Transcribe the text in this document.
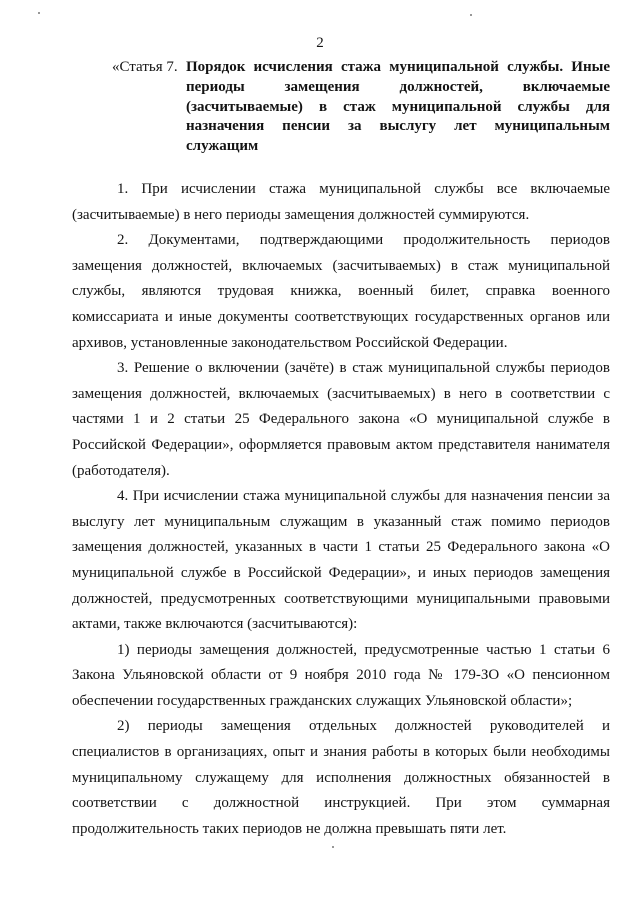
2
«Статья 7. Порядок исчисления стажа муниципальной службы. Иные периоды замещения должностей, включаемые (засчитываемые) в стаж муниципальной службы для назначения пенсии за выслугу лет муниципальным служащим

1. При исчислении стажа муниципальной службы все включаемые (засчитываемые) в него периоды замещения должностей суммируются.

2. Документами, подтверждающими продолжительность периодов замещения должностей, включаемых (засчитываемых) в стаж муниципальной службы, являются трудовая книжка, военный билет, справка военного комиссариата и иные документы соответствующих государственных органов или архивов, установленные законодательством Российской Федерации.

3. Решение о включении (зачёте) в стаж муниципальной службы периодов замещения должностей, включаемых (засчитываемых) в него в соответствии с частями 1 и 2 статьи 25 Федерального закона «О муниципальной службе в Российской Федерации», оформляется правовым актом представителя нанимателя (работодателя).

4. При исчислении стажа муниципальной службы для назначения пенсии за выслугу лет муниципальным служащим в указанный стаж помимо периодов замещения должностей, указанных в части 1 статьи 25 Федерального закона «О муниципальной службе в Российской Федерации», и иных периодов замещения должностей, предусмотренных соответствующими муниципальными правовыми актами, также включаются (засчитываются):

1) периоды замещения должностей, предусмотренные частью 1 статьи 6 Закона Ульяновской области от 9 ноября 2010 года № 179-ЗО «О пенсионном обеспечении государственных гражданских служащих Ульяновской области»;

2) периоды замещения отдельных должностей руководителей и специалистов в организациях, опыт и знания работы в которых были необходимы муниципальному служащему для исполнения должностных обязанностей в соответствии с должностной инструкцией. При этом суммарная продолжительность таких периодов не должна превышать пяти лет.
